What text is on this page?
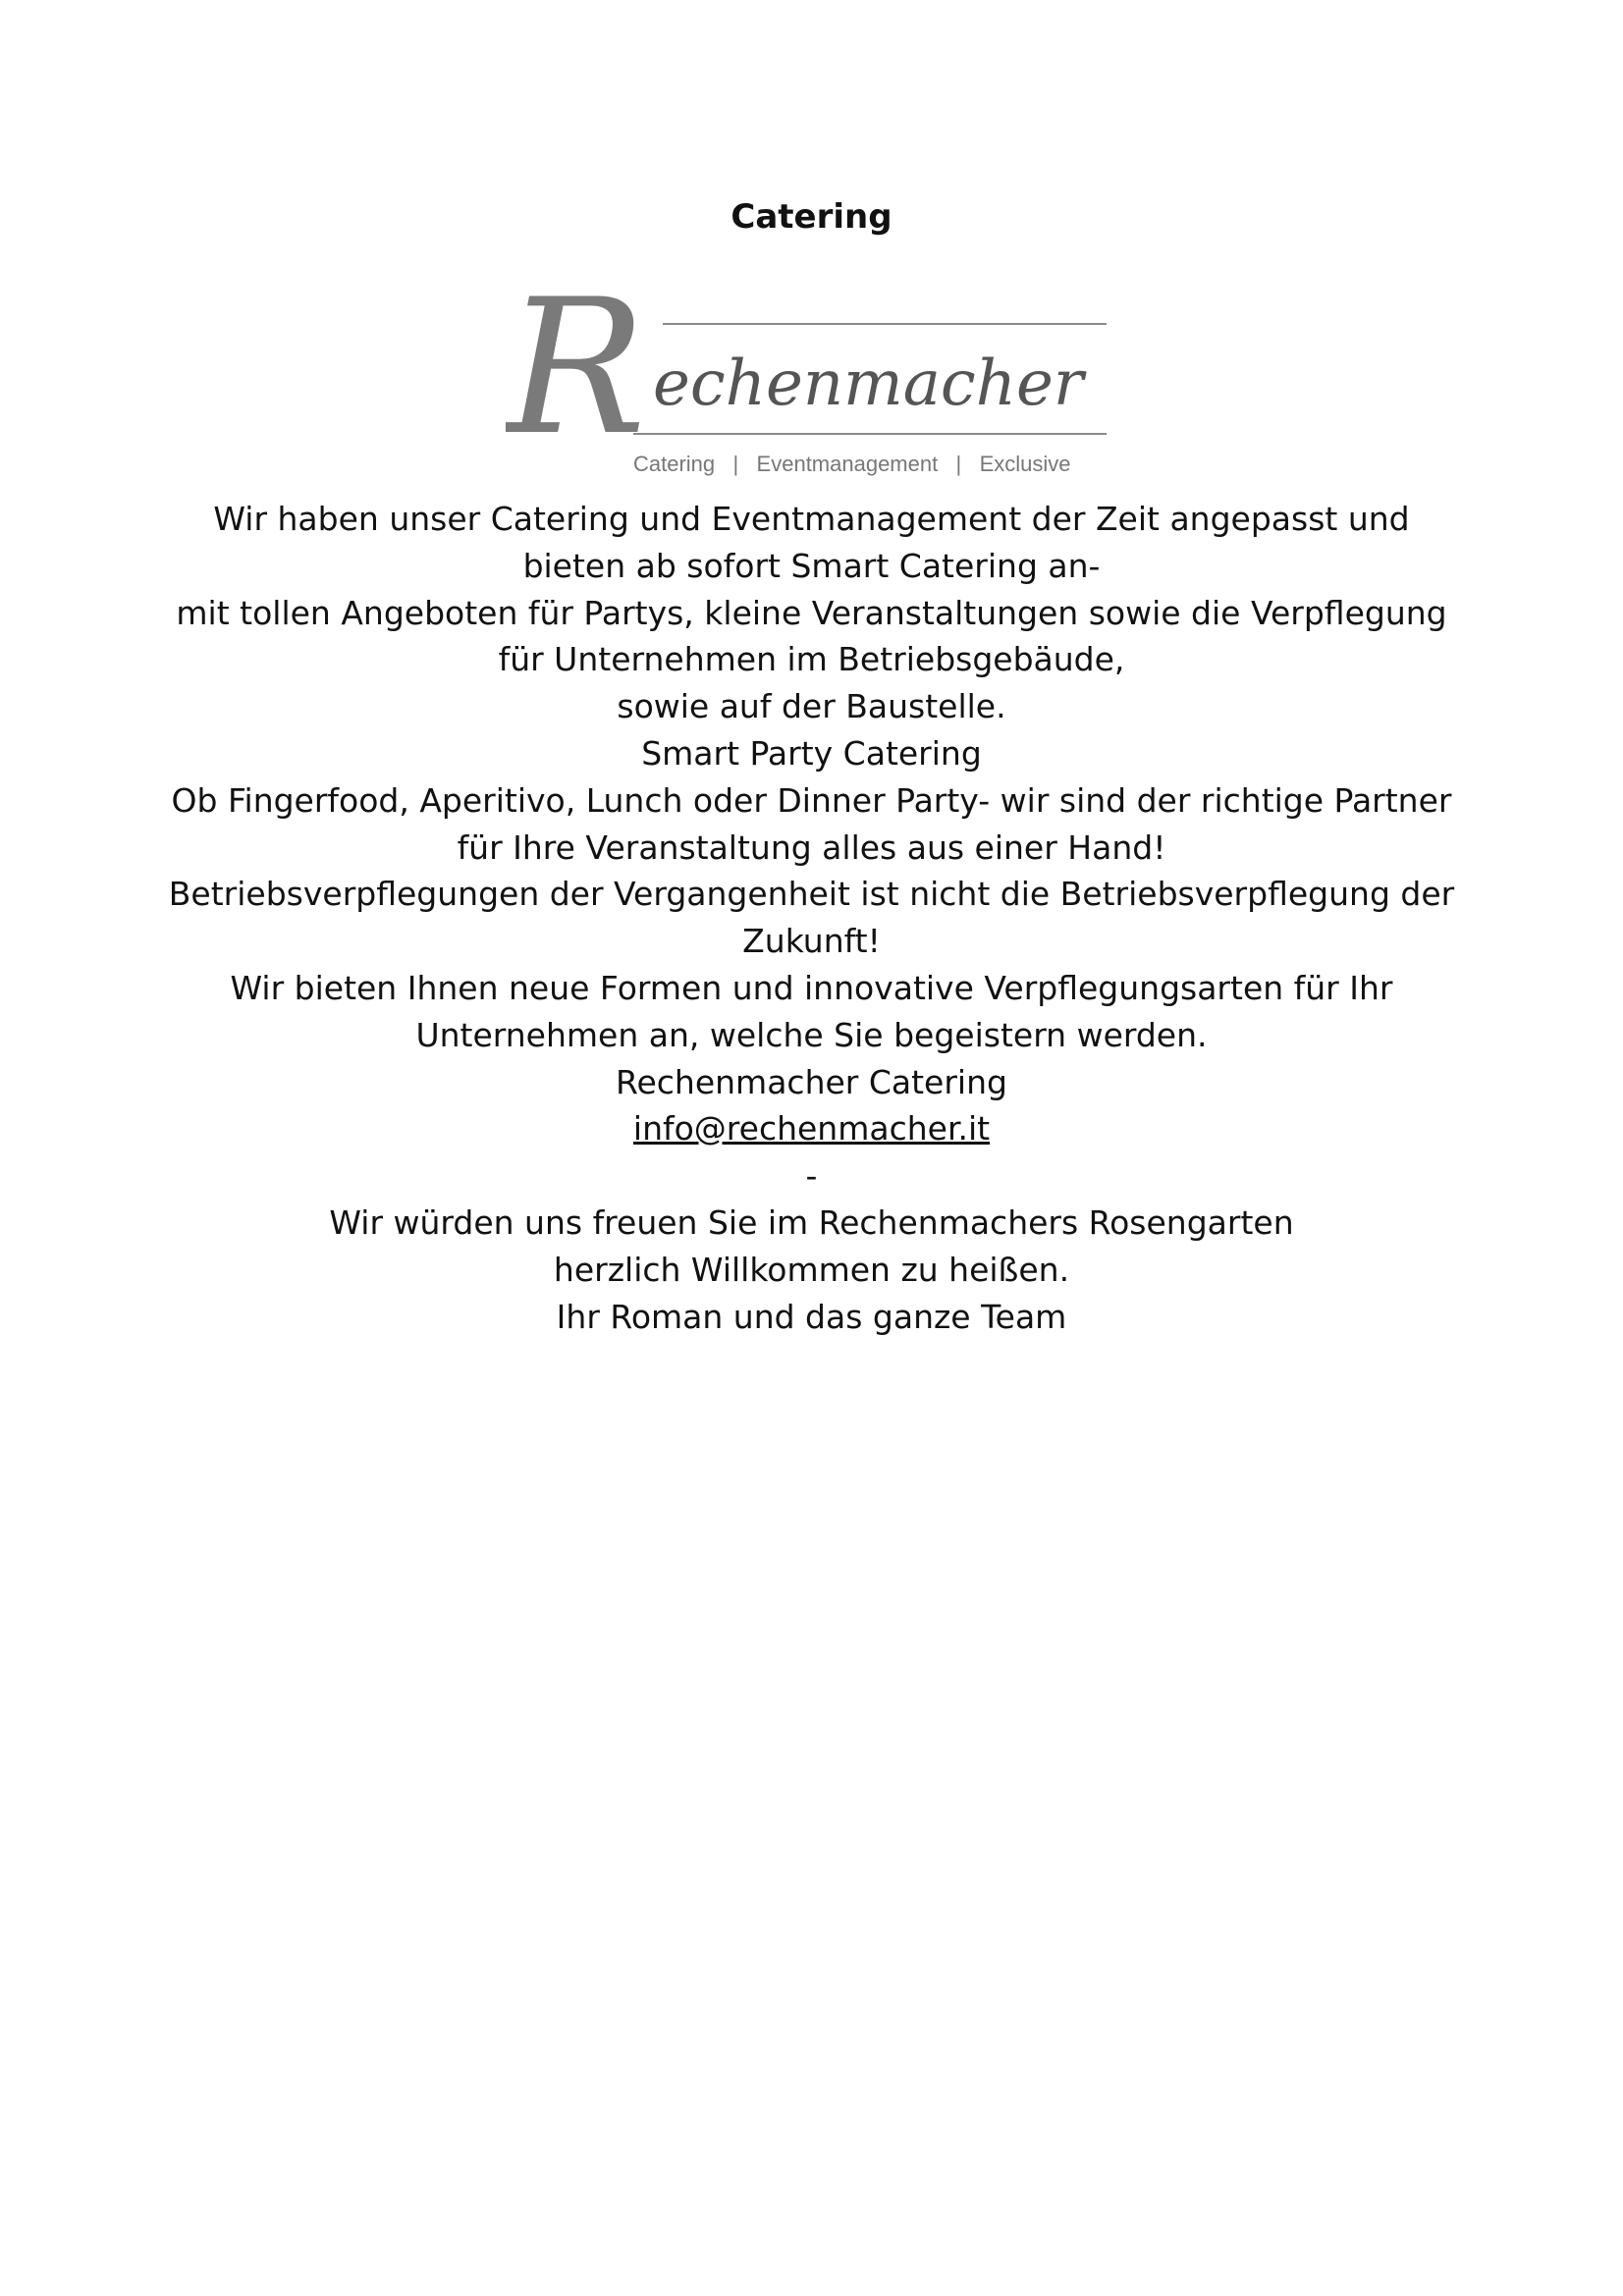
Catering
R echenmacher
Catering   |   Eventmanagement   |   Exclusive
Wir haben unser Catering und Eventmanagement der Zeit angepasst und
bieten ab sofort Smart Catering an-
mit tollen Angeboten für Partys, kleine Veranstaltungen sowie die Verpflegung
für Unternehmen im Betriebsgebäude,
sowie auf der Baustelle.
Smart Party Catering
Ob Fingerfood, Aperitivo, Lunch oder Dinner Party- wir sind der richtige Partner
für Ihre Veranstaltung alles aus einer Hand!
Betriebsverpflegungen der Vergangenheit ist nicht die Betriebsverpflegung der
Zukunft!
Wir bieten Ihnen neue Formen und innovative Verpflegungsarten für Ihr
Unternehmen an, welche Sie begeistern werden.
Rechenmacher Catering
info@rechenmacher.it
-
Wir würden uns freuen Sie im Rechenmachers Rosengarten
herzlich Willkommen zu heißen.
Ihr Roman und das ganze Team
